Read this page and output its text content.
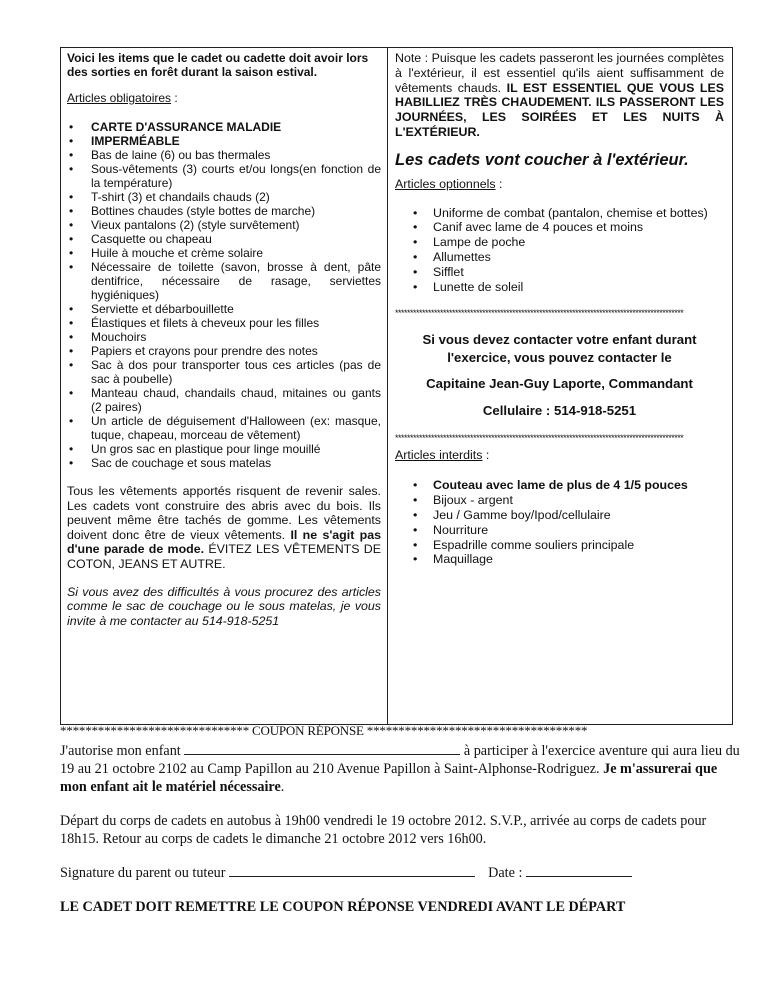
Voici les items que le cadet ou cadette doit avoir lors des sorties en forêt durant la saison estival.
Articles obligatoires :
• CARTE D'ASSURANCE MALADIE
• IMPERMÉABLE
• Bas de laine (6) ou bas thermales
• Sous-vêtements (3) courts et/ou longs(en fonction de la température)
• T-shirt (3) et chandails chauds (2)
• Bottines chaudes (style bottes de marche)
• Vieux pantalons (2) (style survêtement)
• Casquette ou chapeau
• Huile à mouche et crème solaire
• Nécessaire de toilette (savon, brosse à dent, pâte dentifrice, nécessaire de rasage, serviettes hygiéniques)
• Serviette et débarbouillette
• Élastiques et filets à cheveux pour les filles
• Mouchoirs
• Papiers et crayons pour prendre des notes
• Sac à dos pour transporter tous ces articles (pas de sac à poubelle)
• Manteau chaud, chandails chaud, mitaines ou gants (2 paires)
• Un article de déguisement d'Halloween (ex: masque, tuque, chapeau, morceau de vêtement)
• Un gros sac en plastique pour linge mouillé
• Sac de couchage et sous matelas
Tous les vêtements apportés risquent de revenir sales. Les cadets vont construire des abris avec du bois. Ils peuvent même être tachés de gomme. Les vêtements doivent donc être de vieux vêtements. Il ne s'agit pas d'une parade de mode. ÉVITEZ LES VÊTEMENTS DE COTON, JEANS ET AUTRE.
Si vous avez des difficultés à vous procurez des articles comme le sac de couchage ou le sous matelas, je vous invite à me contacter au 514-918-5251
Note : Puisque les cadets passeront les journées complètes à l'extérieur, il est essentiel qu'ils aient suffisamment de vêtements chauds. IL EST ESSENTIEL QUE VOUS LES HABILLIEZ TRÈS CHAUDEMENT. ILS PASSERONT LES JOURNÉES, LES SOIRÉES ET LES NUITS À L'EXTÉRIEUR.
Les cadets vont coucher à l'extérieur.
Articles optionnels :
• Uniforme de combat (pantalon, chemise et bottes)
• Canif avec lame de 4 pouces et moins
• Lampe de poche
• Allumettes
• Sifflet
• Lunette de soleil
************************************************************************************************
Si vous devez contacter votre enfant durant l'exercice, vous pouvez contacter le
Capitaine Jean-Guy Laporte, Commandant
Cellulaire : 514-918-5251
************************************************************************************************
Articles interdits :
• Couteau avec lame de plus de 4 1/5 pouces
• Bijoux - argent
• Jeu / Gamme boy/Ipod/cellulaire
• Nourriture
• Espadrille comme souliers principale
• Maquillage
****************************** COUPON RÉPONSE ***********************************
J'autorise mon enfant	à participer à l'exercice aventure qui aura lieu du 19 au 21 octobre 2102 au Camp Papillon au 210 Avenue Papillon à Saint-Alphonse-Rodriguez. Je m'assurerai que mon enfant ait le matériel nécessaire.
Départ du corps de cadets en autobus à 19h00 vendredi le 19 octobre 2012. S.V.P., arrivée au corps de cadets pour 18h15. Retour au corps de cadets le dimanche 21 octobre 2012 vers 16h00.
Signature du parent ou tuteur	Date :
LE CADET DOIT REMETTRE LE COUPON RÉPONSE VENDREDI AVANT LE DÉPART
